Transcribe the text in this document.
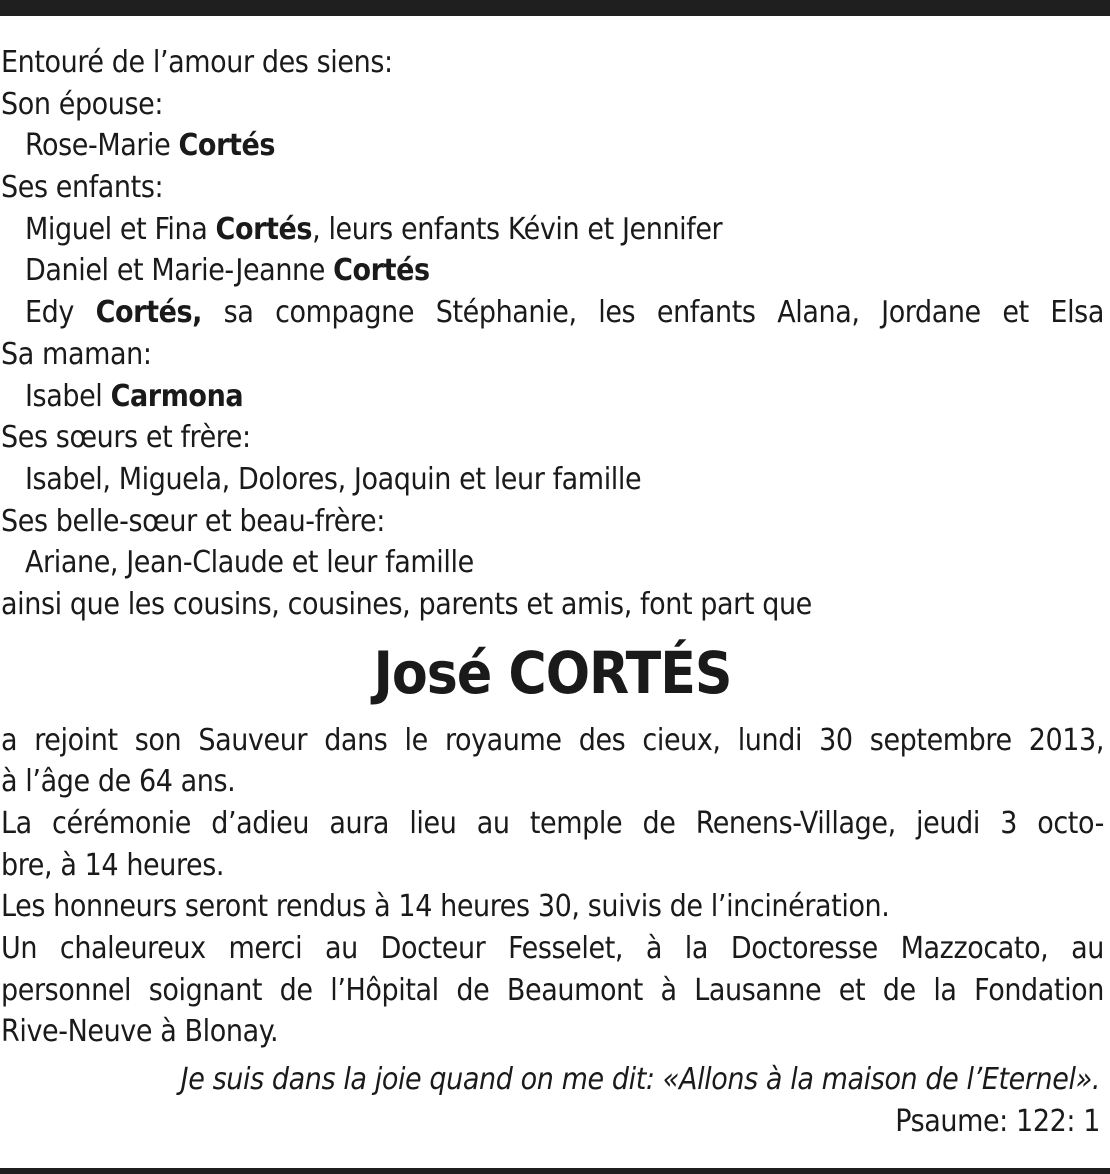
Entouré de l’amour des siens:
Son épouse:
Rose-Marie Cortés
Ses enfants:
Miguel et Fina Cortés, leurs enfants Kévin et Jennifer
Daniel et Marie-Jeanne Cortés
Edy Cortés, sa compagne Stéphanie, les enfants Alana, Jordane et Elsa
Sa maman:
Isabel Carmona
Ses sœurs et frère:
Isabel, Miguela, Dolores, Joaquin et leur famille
Ses belle-sœur et beau-frère:
Ariane, Jean-Claude et leur famille
ainsi que les cousins, cousines, parents et amis, font part que
José CORTÉS
a rejoint son Sauveur dans le royaume des cieux, lundi 30 septembre 2013,
à l’âge de 64 ans.
La cérémonie d’adieu aura lieu au temple de Renens-Village, jeudi 3 octo-
bre, à 14 heures.
Les honneurs seront rendus à 14 heures 30, suivis de l’incinération.
Un chaleureux merci au Docteur Fesselet, à la Doctoresse Mazzocato, au
personnel soignant de l’Hôpital de Beaumont à Lausanne et de la Fondation
Rive-Neuve à Blonay.
Je suis dans la joie quand on me dit: «Allons à la maison de l’Eternel».
Psaume: 122: 1
